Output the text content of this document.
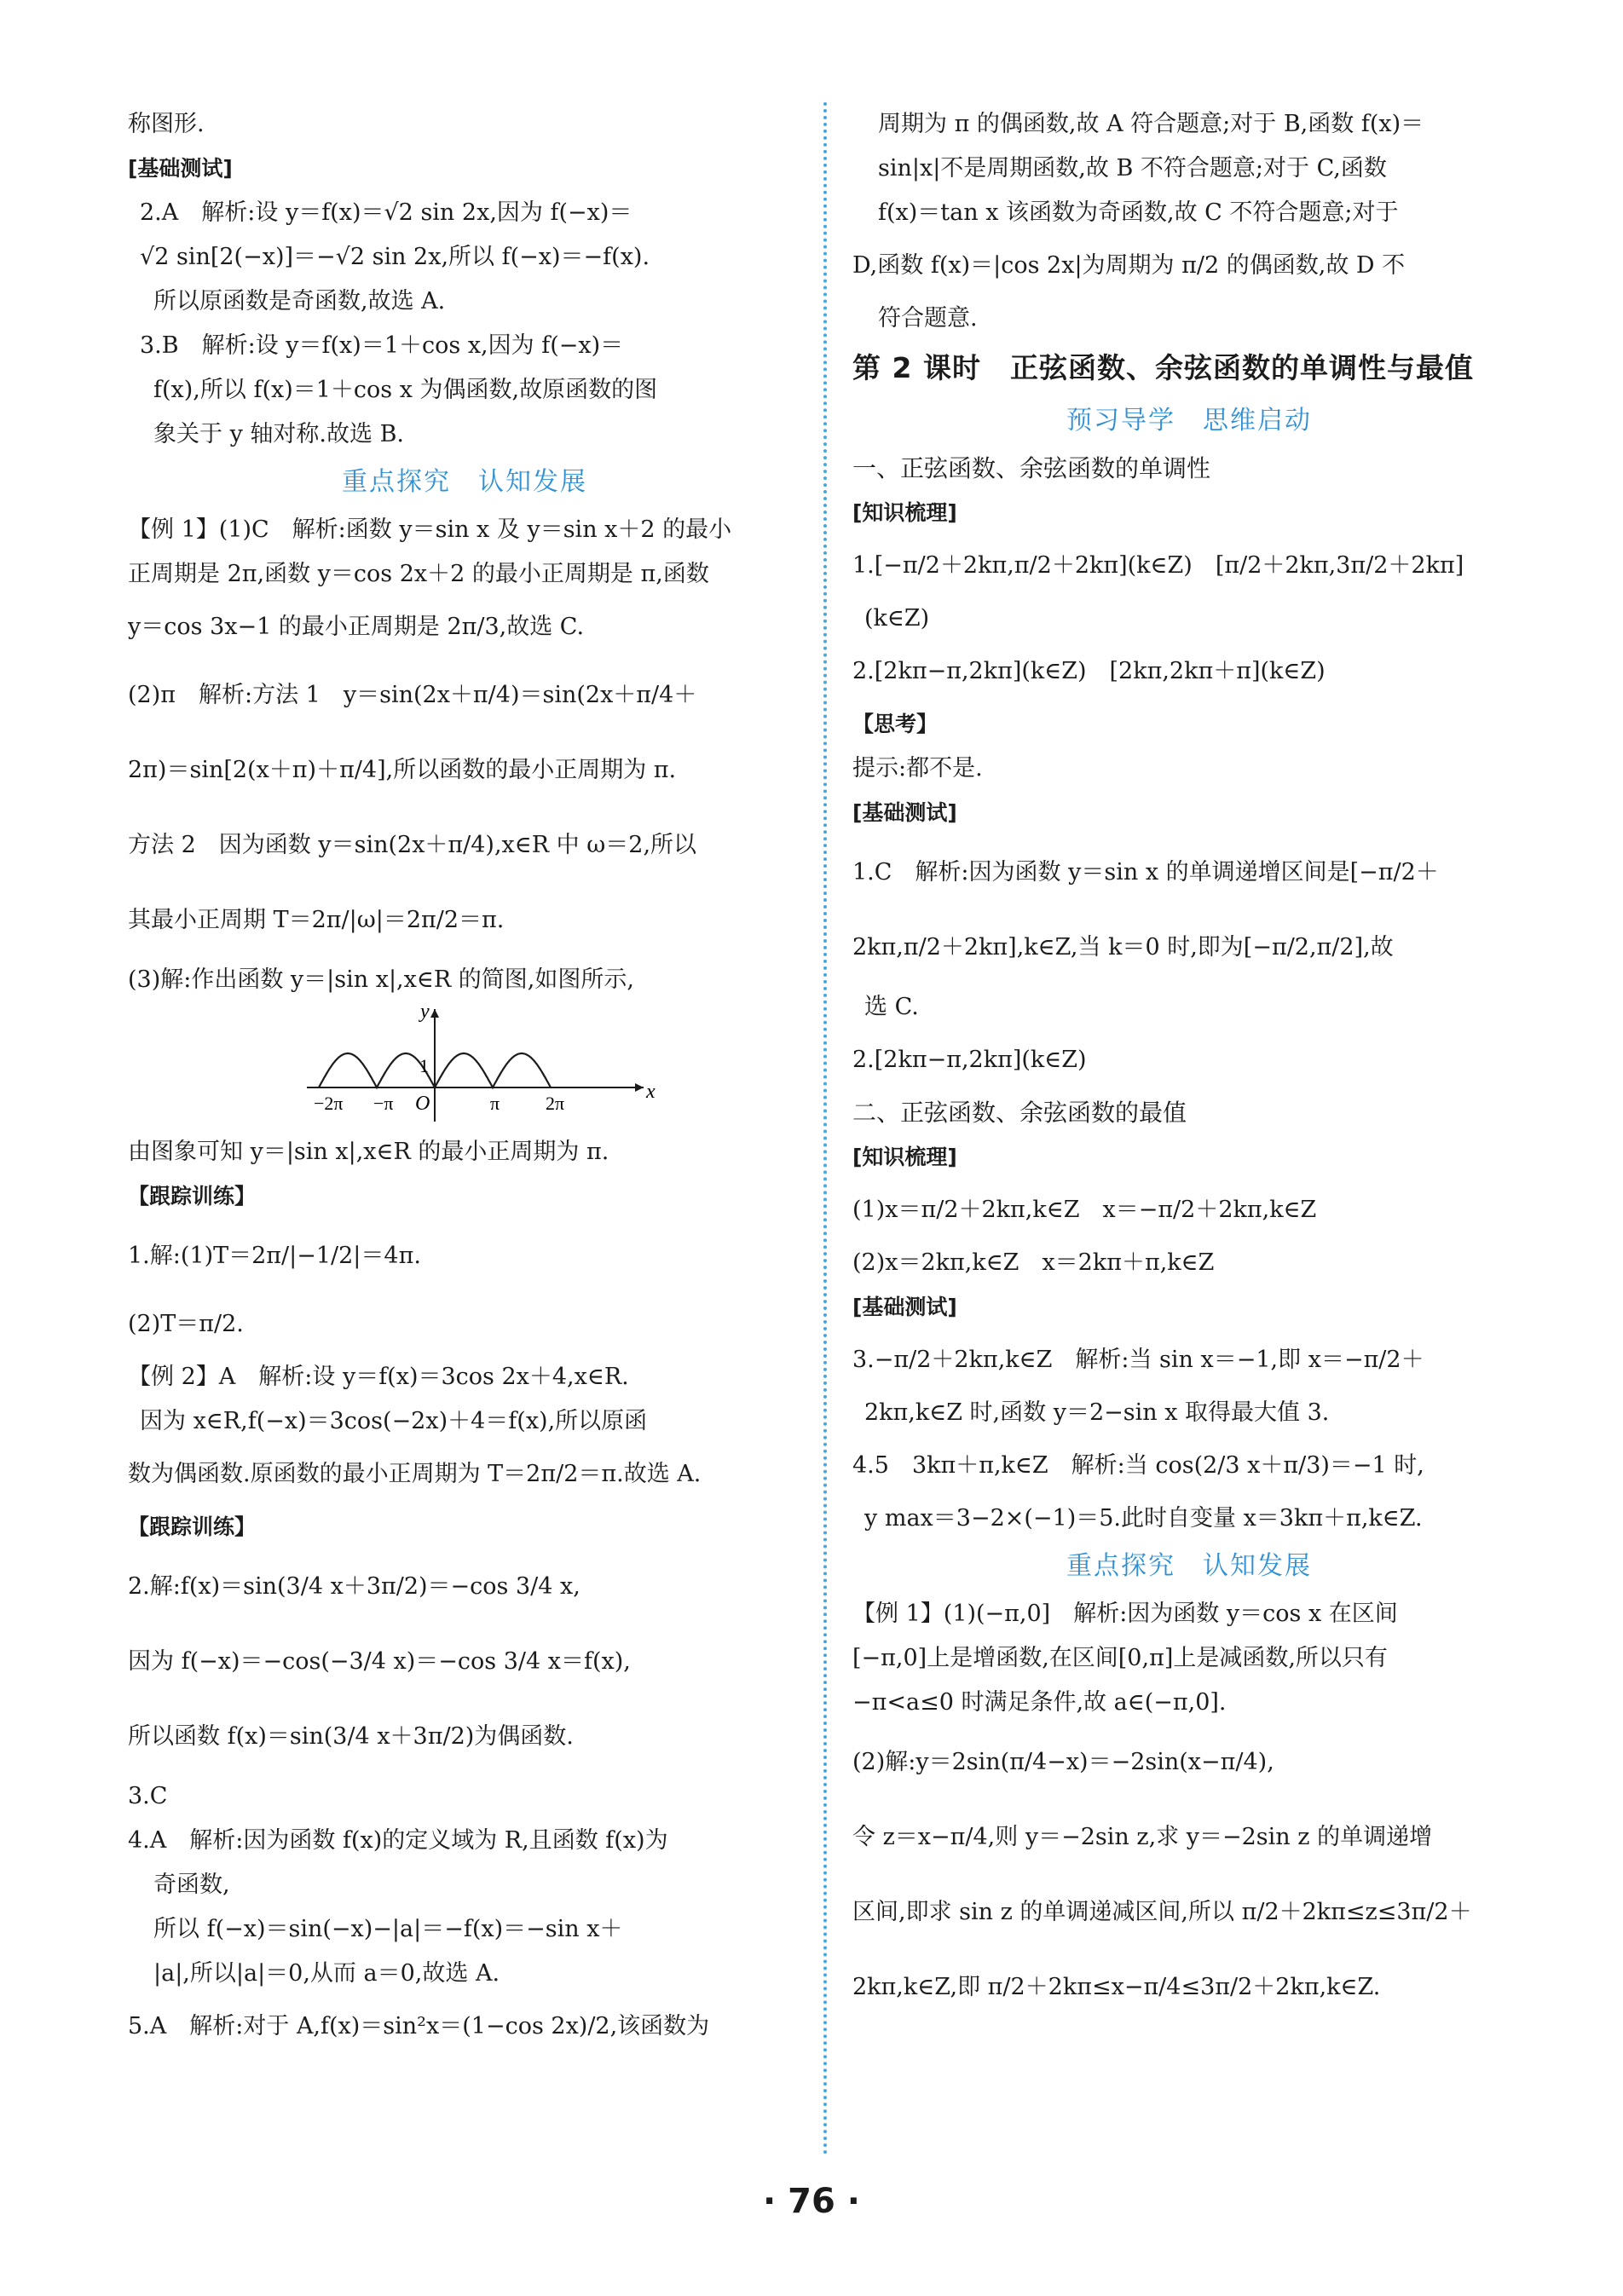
称图形.
[基础测试]
2.A　解析:设 y＝f(x)＝√2 sin 2x,因为 f(−x)＝
√2 sin[2(−x)]＝−√2 sin 2x,所以 f(−x)＝−f(x).
所以原函数是奇函数,故选 A.
3.B　解析:设 y＝f(x)＝1＋cos x,因为 f(−x)＝
f(x),所以 f(x)＝1＋cos x 为偶函数,故原函数的图
象关于 y 轴对称.故选 B.
重点探究　认知发展
【例 1】(1)C　解析:函数 y＝sin x 及 y＝sin x＋2 的最小
正周期是 2π,函数 y＝cos 2x＋2 的最小正周期是 π,函数
y＝cos 3x−1 的最小正周期是 2π/3,故选 C.
(2)π　解析:方法 1　y＝sin(2x＋π/4)＝sin(2x＋π/4＋
2π)＝sin[2(x＋π)＋π/4],所以函数的最小正周期为 π.
方法 2　因为函数 y＝sin(2x＋π/4),x∈R 中 ω＝2,所以
其最小正周期 T＝2π/|ω|＝2π/2＝π.
(3)解:作出函数 y＝|sin x|,x∈R 的简图,如图所示,
y
x
1
O
−2π −π	π 2π
由图象可知 y＝|sin x|,x∈R 的最小正周期为 π.
【跟踪训练】
1.解:(1)T＝2π/|−1/2|＝4π.
(2)T＝π/2.
【例 2】A　解析:设 y＝f(x)＝3cos 2x＋4,x∈R.
因为 x∈R,f(−x)＝3cos(−2x)＋4＝f(x),所以原函
数为偶函数.原函数的最小正周期为 T＝2π/2＝π.故选 A.
【跟踪训练】
2.解:f(x)＝sin(3/4 x＋3π/2)＝−cos 3/4 x,
因为 f(−x)＝−cos(−3/4 x)＝−cos 3/4 x＝f(x),
所以函数 f(x)＝sin(3/4 x＋3π/2)为偶函数.
3.C
4.A　解析:因为函数 f(x)的定义域为 R,且函数 f(x)为
奇函数,
所以 f(−x)＝sin(−x)−|a|＝−f(x)＝−sin x＋
|a|,所以|a|＝0,从而 a＝0,故选 A.
5.A　解析:对于 A,f(x)＝sin²x＝(1−cos 2x)/2,该函数为
周期为 π 的偶函数,故 A 符合题意;对于 B,函数 f(x)＝
sin|x|不是周期函数,故 B 不符合题意;对于 C,函数
f(x)＝tan x 该函数为奇函数,故 C 不符合题意;对于
D,函数 f(x)＝|cos 2x|为周期为 π/2 的偶函数,故 D 不
符合题意.
第 2 课时　正弦函数、余弦函数的单调性与最值
预习导学　思维启动
一、正弦函数、余弦函数的单调性
[知识梳理]
1.[−π/2＋2kπ,π/2＋2kπ](k∈Z)　[π/2＋2kπ,3π/2＋2kπ]
(k∈Z)
2.[2kπ−π,2kπ](k∈Z)　[2kπ,2kπ＋π](k∈Z)
【思考】
提示:都不是.
[基础测试]
1.C　解析:因为函数 y＝sin x 的单调递增区间是[−π/2＋
2kπ,π/2＋2kπ],k∈Z,当 k＝0 时,即为[−π/2,π/2],故
选 C.
2.[2kπ−π,2kπ](k∈Z)
二、正弦函数、余弦函数的最值
[知识梳理]
(1)x＝π/2＋2kπ,k∈Z　x＝−π/2＋2kπ,k∈Z
(2)x＝2kπ,k∈Z　x＝2kπ＋π,k∈Z
[基础测试]
3.−π/2＋2kπ,k∈Z　解析:当 sin x＝−1,即 x＝−π/2＋
2kπ,k∈Z 时,函数 y＝2−sin x 取得最大值 3.
4.5　3kπ＋π,k∈Z　解析:当 cos(2/3 x＋π/3)＝−1 时,
y max＝3−2×(−1)＝5.此时自变量 x＝3kπ＋π,k∈Z.
重点探究　认知发展
【例 1】(1)(−π,0]　解析:因为函数 y＝cos x 在区间
[−π,0]上是增函数,在区间[0,π]上是减函数,所以只有
−π<a≤0 时满足条件,故 a∈(−π,0].
(2)解:y＝2sin(π/4−x)＝−2sin(x−π/4),
令 z＝x−π/4,则 y＝−2sin z,求 y＝−2sin z 的单调递增
区间,即求 sin z 的单调递减区间,所以 π/2＋2kπ≤z≤3π/2＋
2kπ,k∈Z,即 π/2＋2kπ≤x−π/4≤3π/2＋2kπ,k∈Z.
· 76 ·
